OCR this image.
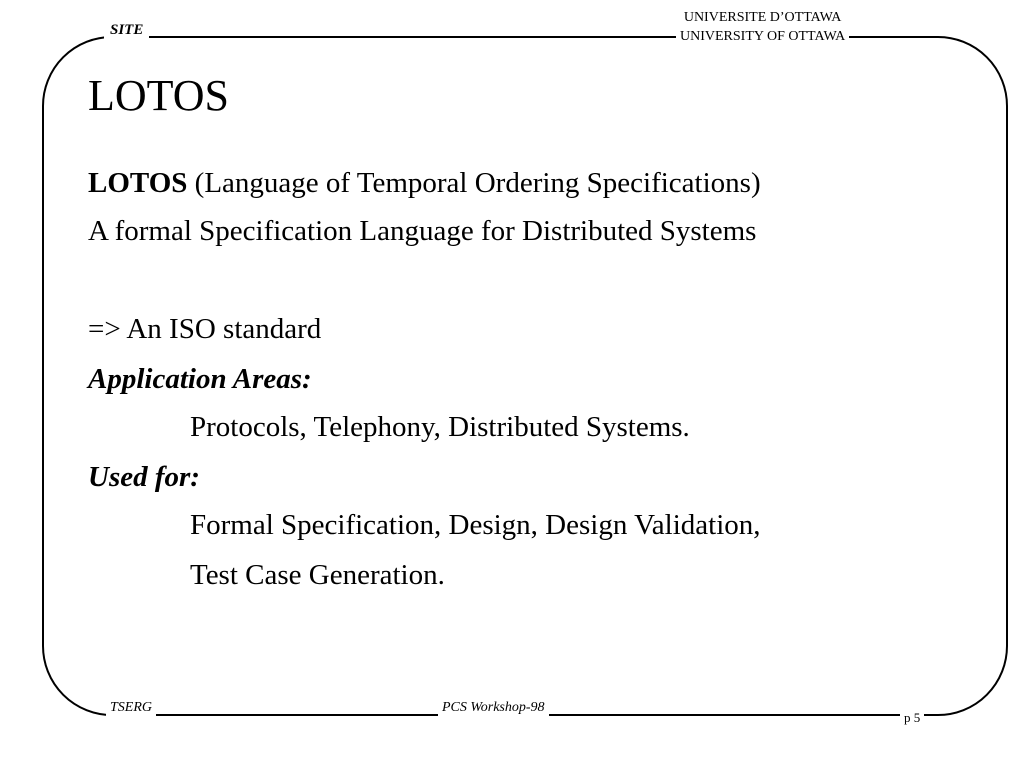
SITE
UNIVERSITE D’OTTAWA
UNIVERSITY OF OTTAWA
LOTOS

LOTOS (Language of Temporal Ordering Specifications)

A formal Specification Language for Distributed Systems

=> An ISO standard

Application Areas:

Protocols, Telephony, Distributed Systems.

Used for:

Formal Specification, Design, Design Validation,

Test Case Generation.

TSERG	PCS Workshop-98
p 5
